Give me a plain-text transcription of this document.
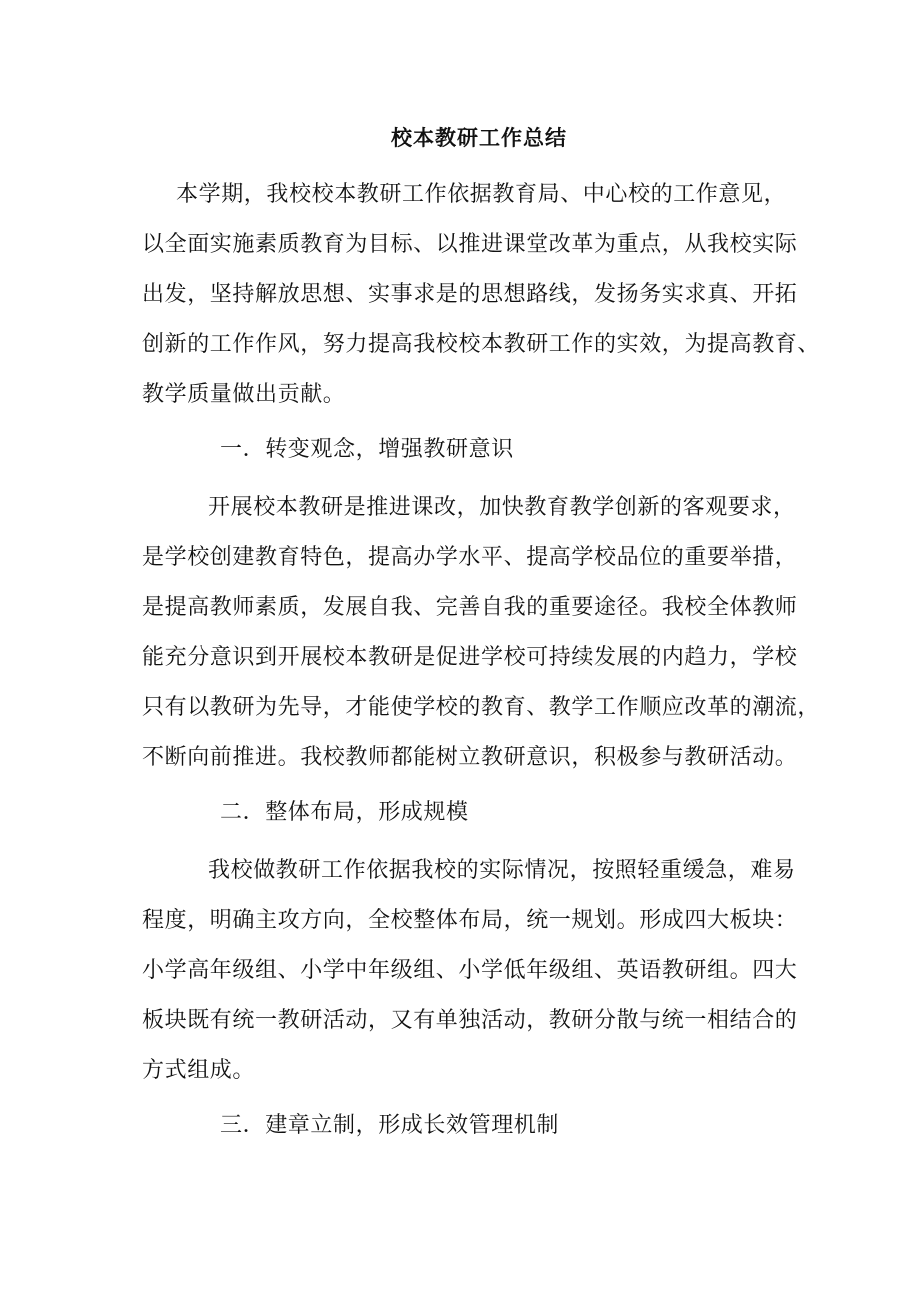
校本教研工作总结
本学期，我校校本教研工作依据教育局、中心校的工作意见，
以全面实施素质教育为目标、以推进课堂改革为重点，从我校实际
出发，坚持解放思想、实事求是的思想路线，发扬务实求真、开拓
创新的工作作风，努力提高我校校本教研工作的实效，为提高教育、
教学质量做出贡献。
一．转变观念，增强教研意识
开展校本教研是推进课改，加快教育教学创新的客观要求，
是学校创建教育特色，提高办学水平、提高学校品位的重要举措，
是提高教师素质，发展自我、完善自我的重要途径。我校全体教师
能充分意识到开展校本教研是促进学校可持续发展的内趋力，学校
只有以教研为先导，才能使学校的教育、教学工作顺应改革的潮流，
不断向前推进。我校教师都能树立教研意识，积极参与教研活动。
二．整体布局，形成规模
我校做教研工作依据我校的实际情况，按照轻重缓急，难易
程度，明确主攻方向，全校整体布局，统一规划。形成四大板块：
小学高年级组、小学中年级组、小学低年级组、英语教研组。四大
板块既有统一教研活动，又有单独活动，教研分散与统一相结合的
方式组成。
三．建章立制，形成长效管理机制
